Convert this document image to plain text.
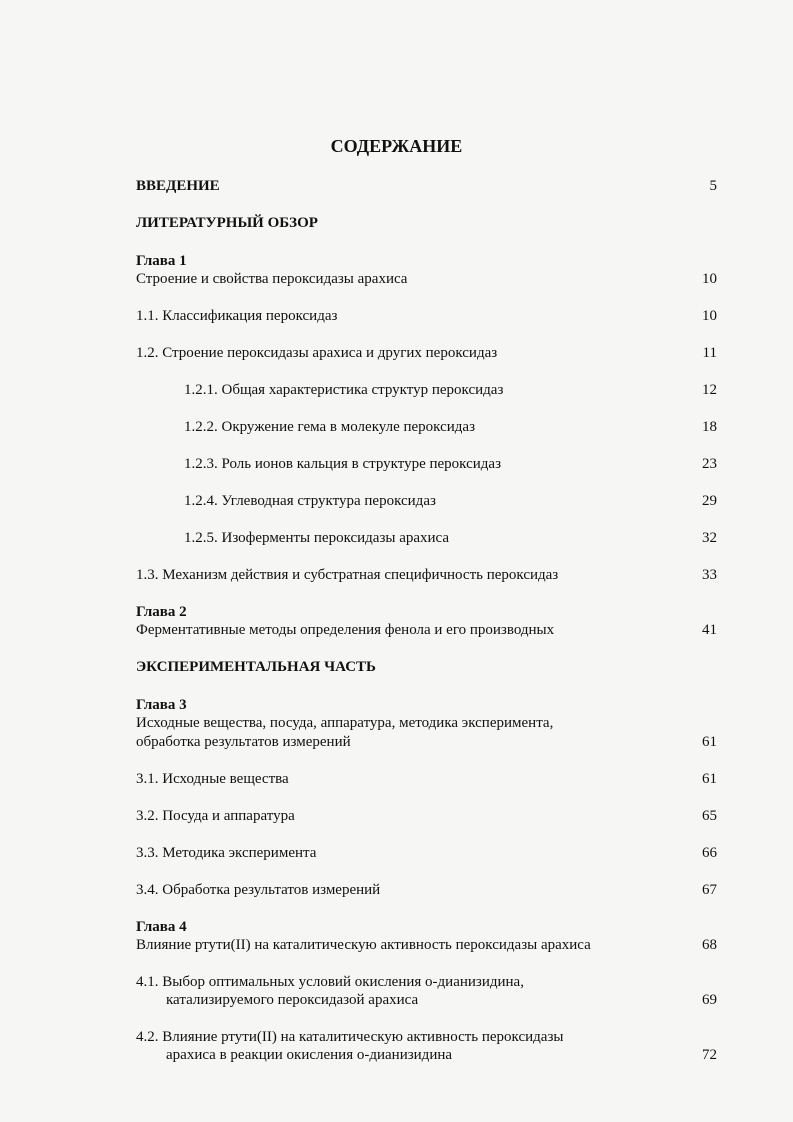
СОДЕРЖАНИЕ
ВВЕДЕНИЕ	5
ЛИТЕРАТУРНЫЙ ОБЗОР
Глава 1
Строение и свойства пероксидазы арахиса	10
1.1. Классификация пероксидаз	10
1.2. Строение пероксидазы арахиса и других пероксидаз	11
1.2.1. Общая характеристика структур пероксидаз	12
1.2.2. Окружение гема в молекуле пероксидаз	18
1.2.3. Роль ионов кальция в структуре пероксидаз	23
1.2.4. Углеводная структура пероксидаз	29
1.2.5. Изоферменты пероксидазы арахиса	32
1.3. Механизм действия и субстратная специфичность пероксидаз	33
Глава 2
Ферментативные методы определения фенола и его производных	41
ЭКСПЕРИМЕНТАЛЬНАЯ ЧАСТЬ
Глава 3
Исходные вещества, посуда, аппаратура, методика эксперимента,
обработка результатов измерений	61
3.1. Исходные вещества	61
3.2. Посуда и аппаратура	65
3.3. Методика эксперимента	66
3.4. Обработка результатов измерений	67
Глава 4
Влияние ртути(II) на каталитическую активность пероксидазы арахиса	68
4.1. Выбор оптимальных условий окисления о-дианизидина,
катализируемого пероксидазой арахиса	69
4.2. Влияние ртути(II) на каталитическую активность пероксидазы
арахиса в реакции окисления о-дианизидина	72
